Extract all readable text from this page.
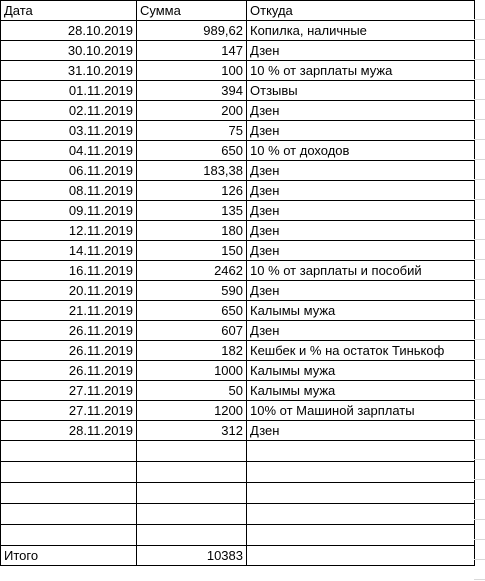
Дата	Сумма	Откуда
28.10.2019	989,62	Копилка, наличные
30.10.2019	147	Дзен
31.10.2019	100	10 % от зарплаты мужа
01.11.2019	394	Отзывы
02.11.2019	200	Дзен
03.11.2019	75	Дзен
04.11.2019	650	10 % от доходов
06.11.2019	183,38	Дзен
08.11.2019	126	Дзен
09.11.2019	135	Дзен
12.11.2019	180	Дзен
14.11.2019	150	Дзен
16.11.2019	2462	10 % от зарплаты и пособий
20.11.2019	590	Дзен
21.11.2019	650	Калымы мужа
26.11.2019	607	Дзен
26.11.2019	182	Кешбек и % на остаток Тинькоф
26.11.2019	1000	Калымы мужа
27.11.2019	50	Калымы мужа
27.11.2019	1200	10% от Машиной зарплаты
28.11.2019	312	Дзен

Итого	10383	
